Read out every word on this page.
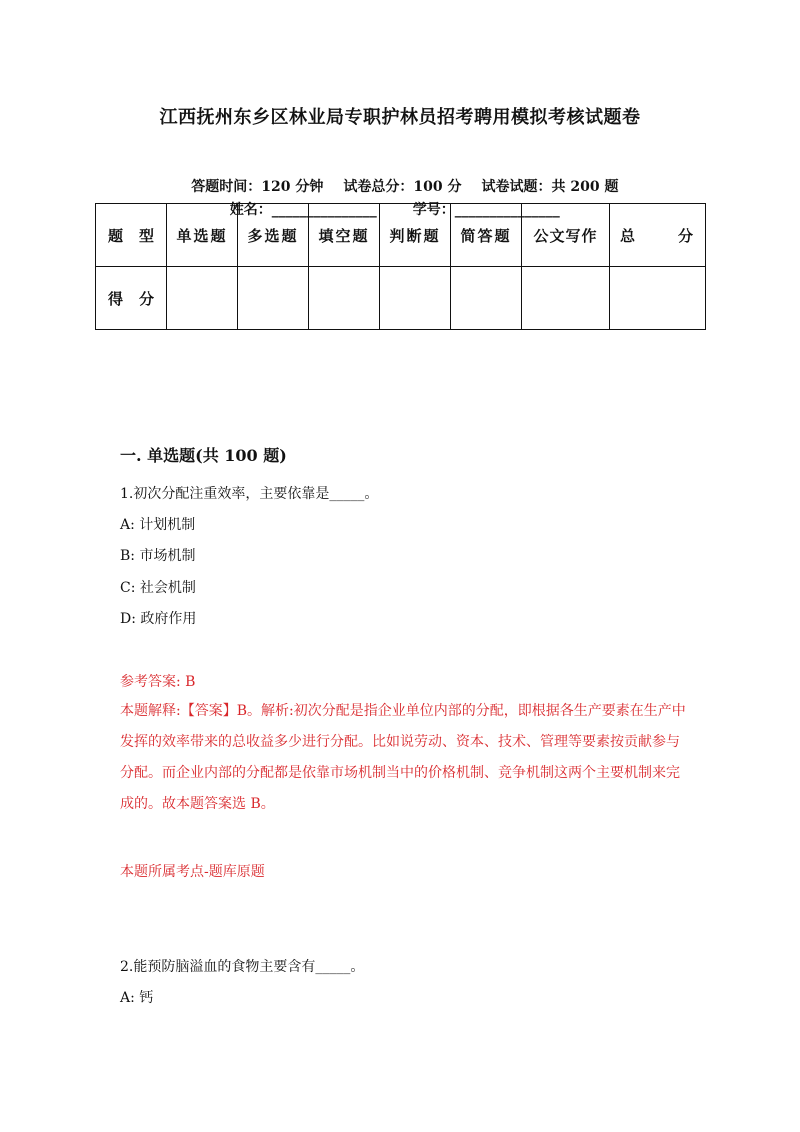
江西抚州东乡区林业局专职护林员招考聘用模拟考核试题卷

答题时间：120 分钟 试卷总分：100 分 试卷试题：共 200 题

姓名：_______________	学号：_______________

题 型	单选题	多选题	填空题	判断题	简答题	公文写作	总 分
得 分							
一. 单选题(共 100 题)
1.初次分配注重效率，主要依靠是_____。
A: 计划机制
B: 市场机制
C: 社会机制
D: 政府作用
参考答案: B
本题解释:【答案】B。解析:初次分配是指企业单位内部的分配，即根据各生产要素在生产中发挥的效率带来的总收益多少进行分配。比如说劳动、资本、技术、管理等要素按贡献参与分配。而企业内部的分配都是依靠市场机制当中的价格机制、竞争机制这两个主要机制来完成的。故本题答案选 B。
本题所属考点-题库原题
2.能预防脑溢血的食物主要含有_____。
A: 钙
